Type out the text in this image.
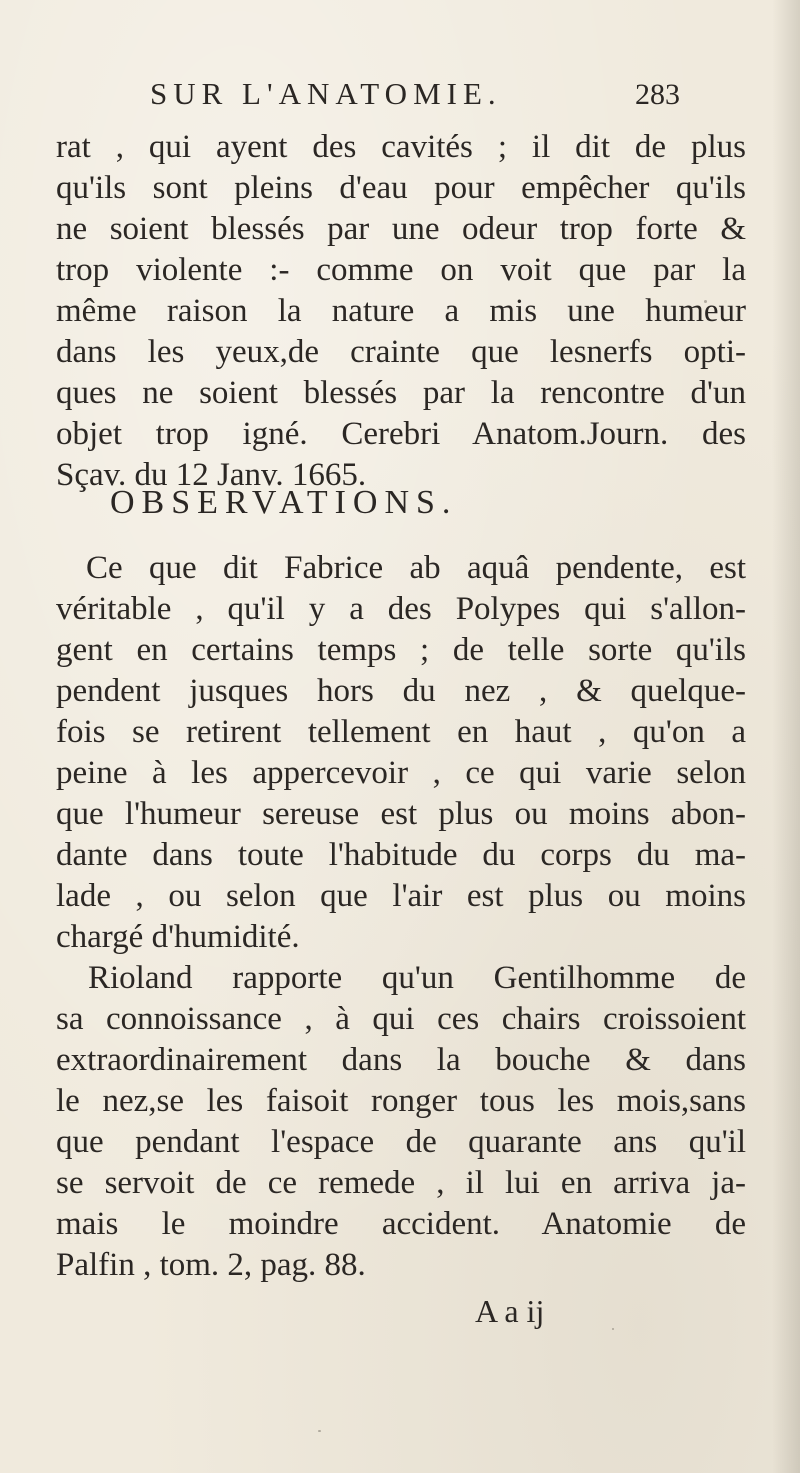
SUR L'ANATOMIE.	283
rat , qui ayent des cavités ; il dit de plus
qu'ils sont pleins d'eau pour empêcher qu'ils
ne soient blessés par une odeur trop forte &
trop violente :- comme on voit que par la
même raison la nature a mis une humeur
dans les yeux,de crainte que lesnerfs opti-
ques ne soient blessés par la rencontre d'un
objet trop igné. Cerebri Anatom.Journ. des
Sçav. du 12 Janv. 1665.
OBSERVATIONS.
Ce que dit Fabrice ab aquâ pendente, est
véritable , qu'il y a des Polypes qui s'allon-
gent en certains temps ; de telle sorte qu'ils
pendent jusques hors du nez , & quelque-
fois se retirent tellement en haut , qu'on a
peine à les appercevoir , ce qui varie selon
que l'humeur sereuse est plus ou moins abon-
dante dans toute l'habitude du corps du ma-
lade , ou selon que l'air est plus ou moins
chargé d'humidité.
Rioland rapporte qu'un Gentilhomme de
sa connoissance , à qui ces chairs croissoient
extraordinairement dans la bouche & dans
le nez,se les faisoit ronger tous les mois,sans
que pendant l'espace de quarante ans qu'il
se servoit de ce remede , il lui en arriva ja-
mais le moindre accident. Anatomie de
Palfin , tom. 2, pag. 88.
A a ij
